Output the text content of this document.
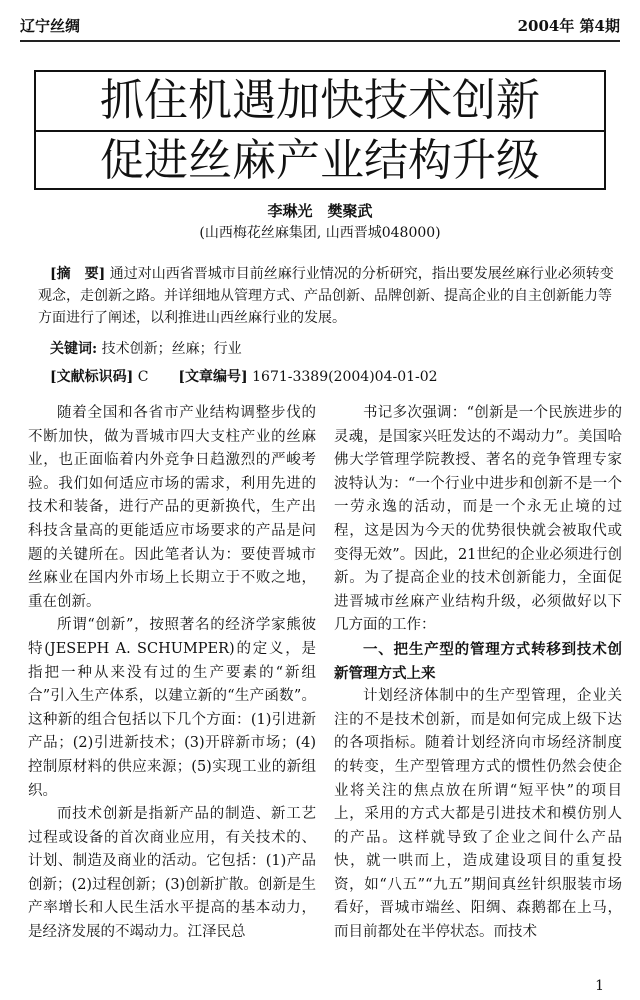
辽宁丝绸	2004年 第4期
抓住机遇加快技术创新
促进丝麻产业结构升级
李琳光　樊聚武
(山西梅花丝麻集团, 山西晋城048000)
[摘　要] 通过对山西省晋城市目前丝麻行业情况的分析研究，指出要发展丝麻行业必须转变观念，走创新之路。并详细地从管理方式、产品创新、品牌创新、提高企业的自主创新能力等方面进行了阐述，以利推进山西丝麻行业的发展。
关键词: 技术创新；丝麻；行业
[文献标识码] C [文章编号] 1671-3389(2004)04-01-02

随着全国和各省市产业结构调整步伐的不断加快，做为晋城市四大支柱产业的丝麻业，也正面临着内外竞争日趋激烈的严峻考验。我们如何适应市场的需求，利用先进的技术和装备，进行产品的更新换代，生产出科技含量高的更能适应市场要求的产品是问题的关键所在。因此笔者认为：要使晋城市丝麻业在国内外市场上长期立于不败之地，重在创新。

所谓“创新”，按照著名的经济学家熊彼特(JESEPH A. SCHUMPER)的定义，是指把一种从来没有过的生产要素的“新组合”引入生产体系，以建立新的“生产函数”。这种新的组合包括以下几个方面：(1)引进新产品；(2)引进新技术；(3)开辟新市场；(4)控制原材料的供应来源；(5)实现工业的新组织。

而技术创新是指新产品的制造、新工艺过程或设备的首次商业应用，有关技术的、计划、制造及商业的活动。它包括：(1)产品创新；(2)过程创新；(3)创新扩散。创新是生产率增长和人民生活水平提高的基本动力，是经济发展的不竭动力。江泽民总

书记多次强调：“创新是一个民族进步的灵魂，是国家兴旺发达的不竭动力”。美国哈佛大学管理学院教授、著名的竞争管理专家波特认为：“一个行业中进步和创新不是一个一劳永逸的活动，而是一个永无止境的过程，这是因为今天的优势很快就会被取代或变得无效”。因此，21世纪的企业必须进行创新。为了提高企业的技术创新能力，全面促进晋城市丝麻产业结构升级，必须做好以下几方面的工作：

一、把生产型的管理方式转移到技术创新管理方式上来

计划经济体制中的生产型管理，企业关注的不是技术创新，而是如何完成上级下达的各项指标。随着计划经济向市场经济制度的转变，生产型管理方式的惯性仍然会使企业将关注的焦点放在所谓“短平快”的项目上，采用的方式大都是引进技术和模仿别人的产品。这样就导致了企业之间什么产品快，就一哄而上，造成建设项目的重复投资，如“八五”“九五”期间真丝针织服装市场看好，晋城市端丝、阳绸、森鹅都在上马，而目前都处在半停状态。而技术

1
